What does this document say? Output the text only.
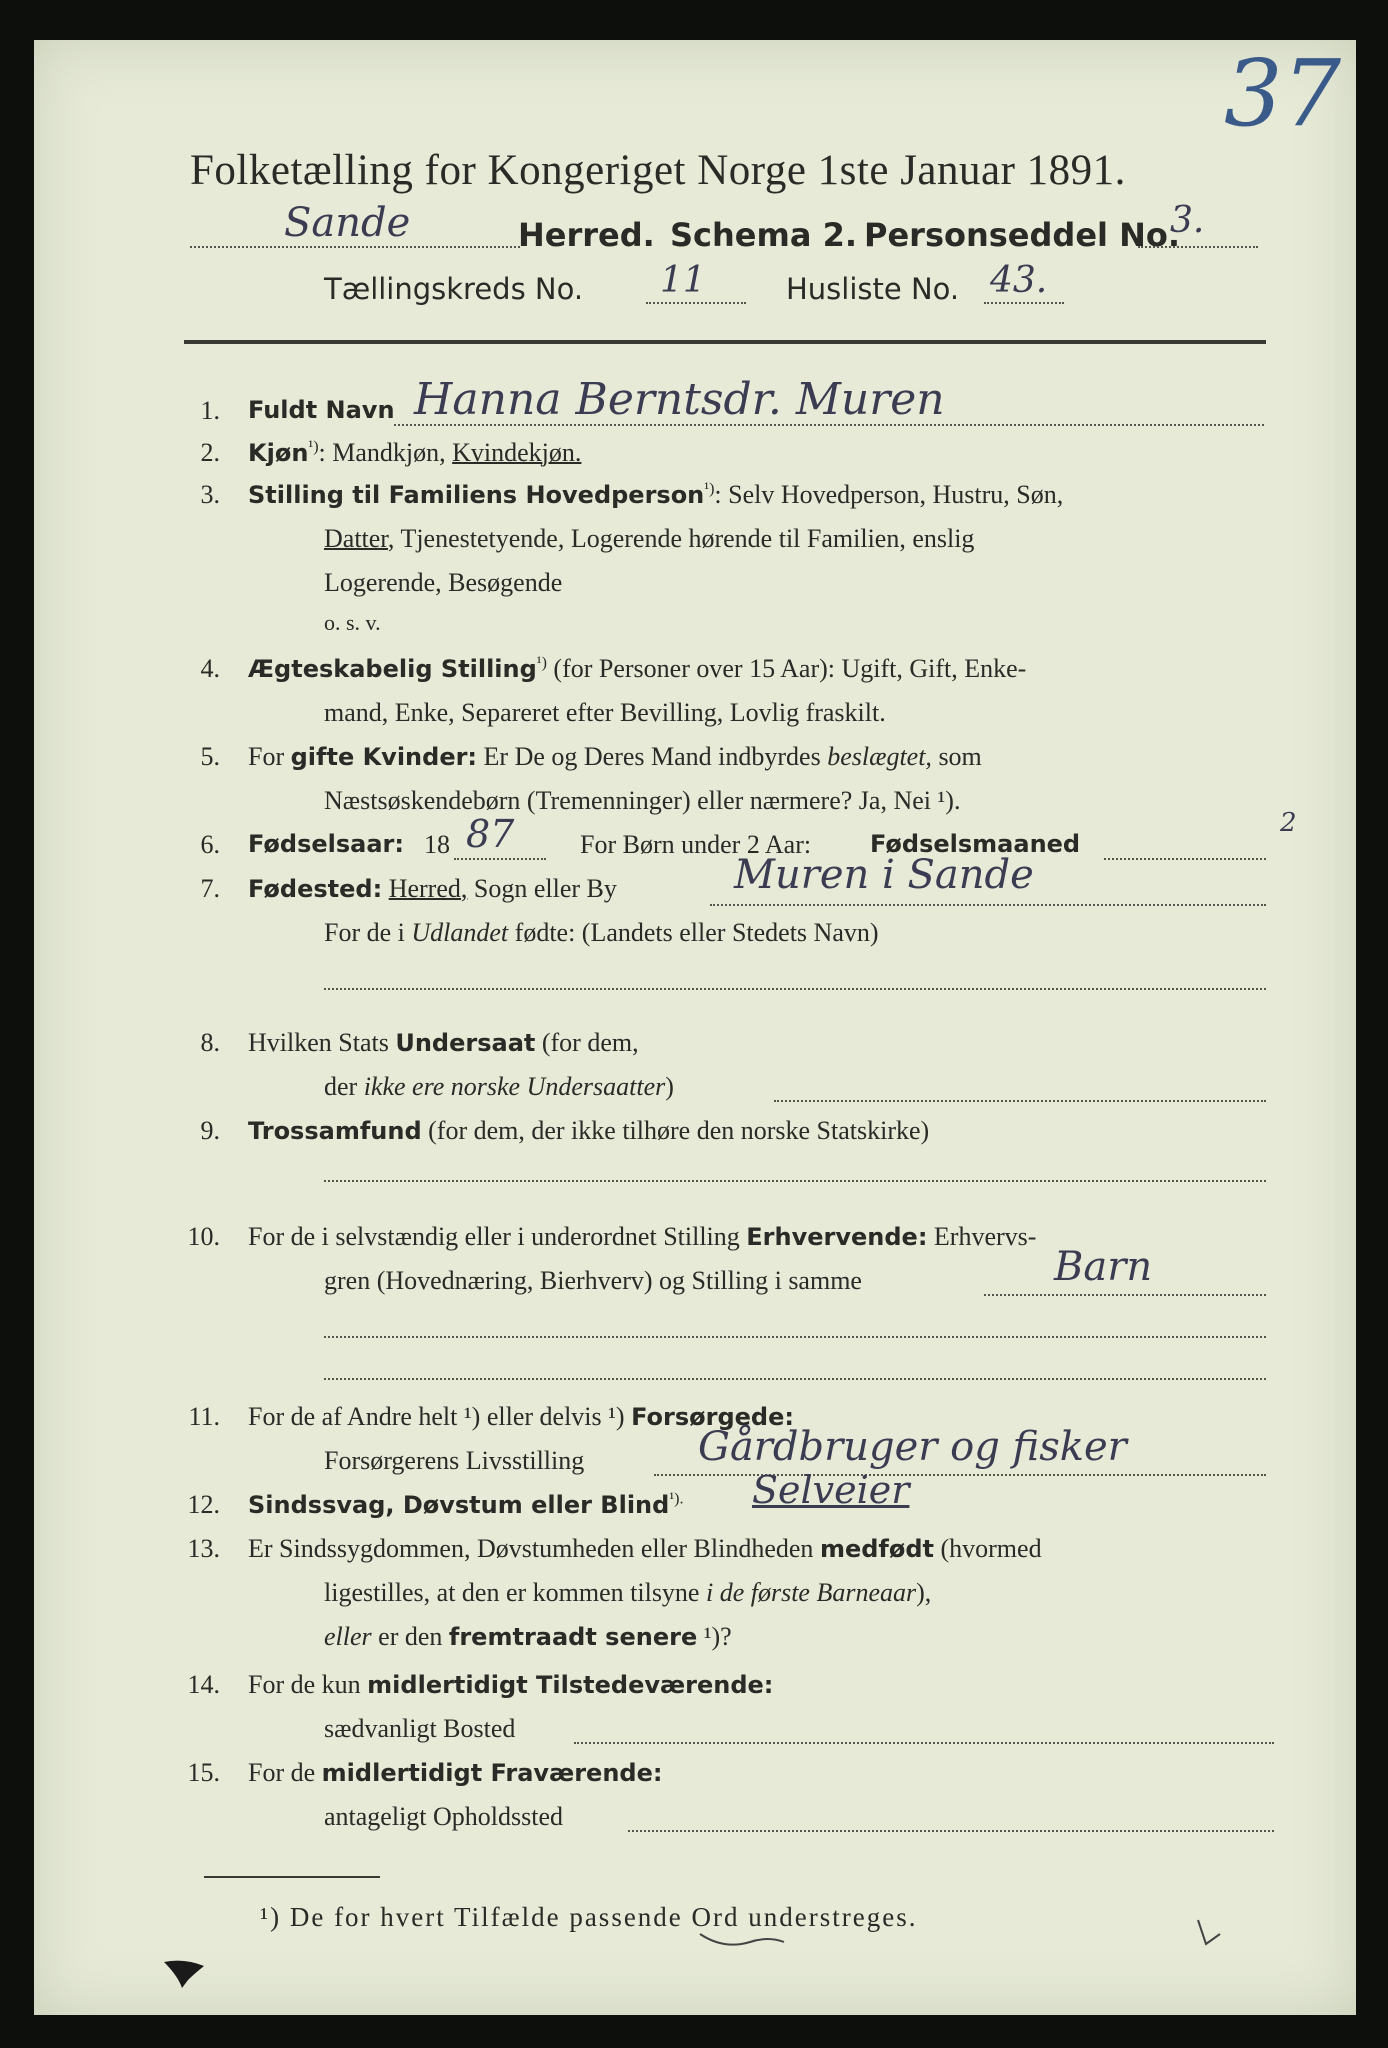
37
Folketælling for Kongeriget Norge 1ste Januar 1891.
Sande	Herred. Schema 2. Personseddel No.
3.
Tællingskreds No. 11	Husliste No. 43.
1. Fuldt Navn Hanna Berntsdr. Muren
2. Kjøn$^{^1)}$: Mandkjøn, Kvindekjøn.
3. Stilling til Familiens Hovedperson$^{^1)}$: Selv Hovedperson, Hustru, Søn,
Datter, Tjenestetyende, Logerende hørende til Familien, enslig
Logerende, Besøgende
o. s. v.
4. Ægteskabelig Stilling$^{^1)}$ (for Personer over 15 Aar): Ugift, Gift, Enke-
mand, Enke, Separeret efter Bevilling, Lovlig fraskilt.
5. For gifte Kvinder: Er De og Deres Mand indbyrdes beslægtet, som
Næstsøskendebørn (Tremenninger) eller nærmere? Ja, Nei ¹).
6. Fødselsaar: 18 87	For Børn under 2 Aar: Fødselsmaaned
2
7. Fødested: Herred, Sogn eller By	Muren i Sande
For de i Udlandet fødte: (Landets eller Stedets Navn)
8. Hvilken Stats Undersaat (for dem,
der ikke ere norske Undersaatter)
9. Trossamfund (for dem, der ikke tilhøre den norske Statskirke)
10. For de i selvstændig eller i underordnet Stilling Erhvervende: Erhvervs-
gren (Hovednæring, Bierhverv) og Stilling i samme	Barn
11. For de af Andre helt ¹) eller delvis ¹) Forsørgede:
Forsørgerens Livsstilling	Gårdbruger og fisker
12. Sindssvag, Døvstum eller Blind$^{^1).}$ Selveier
13. Er Sindssygdommen, Døvstumheden eller Blindheden medfødt (hvormed
ligestilles, at den er kommen tilsyne i de første Barneaar),
eller er den fremtraadt senere ¹)?
14. For de kun midlertidigt Tilstedeværende:
sædvanligt Bosted
15. For de midlertidigt Fraværende:
antageligt Opholdssted
¹) De for hvert Tilfælde passende Ord understreges.
